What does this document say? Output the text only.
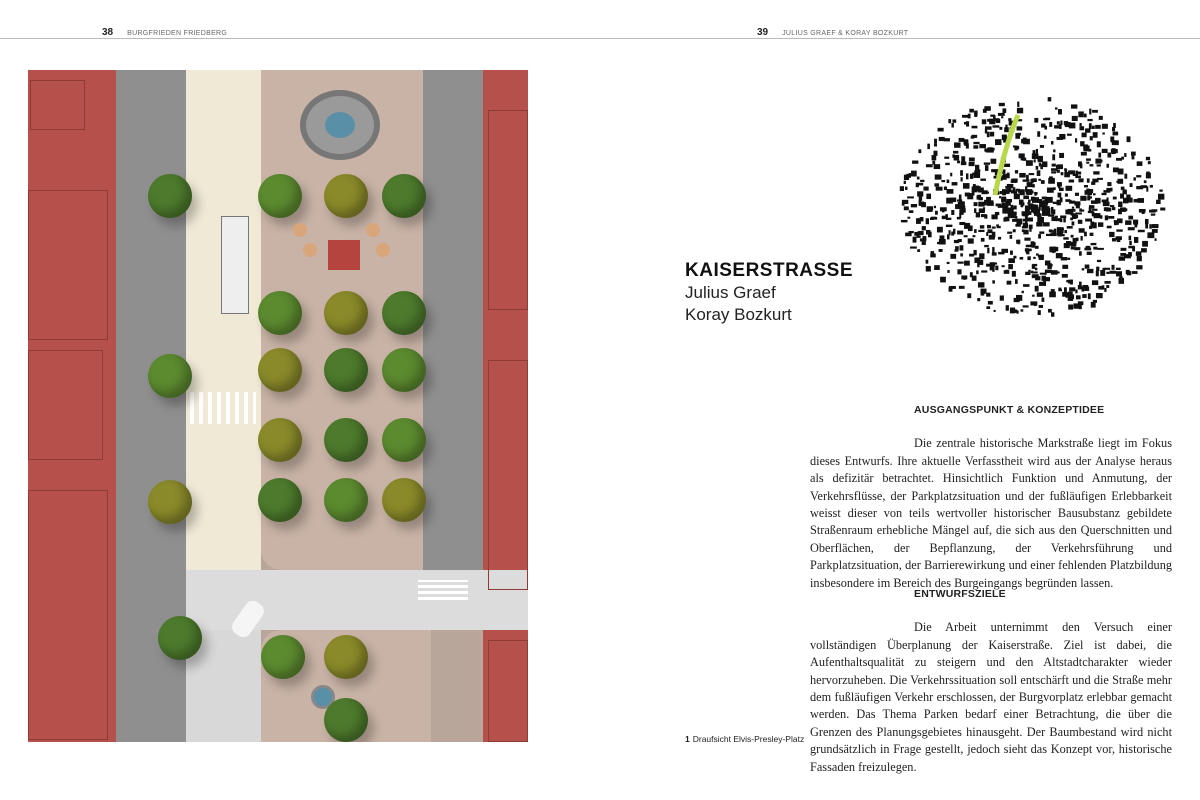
38 BURGFRIEDEN FRIEDBERG	39 JULIUS GRAEF & KORAY BOZKURT
KAISERSTRASSE

Julius Graef

Koray Bozkurt

AUSGANGSPUNKT & KONZEPTIDEE

Die zentrale historische Markstraße liegt im Fokus dieses Entwurfs. Ihre aktuelle Verfasstheit wird aus der Analyse heraus als defizitär betrachtet. Hinsichtlich Funktion und Anmutung, der Verkehrsflüsse, der Parkplatzsituation und der fußläufigen Erlebbarkeit weisst dieser von teils wertvoller historischer Bausubstanz gebildete Straßenraum erhebliche Mängel auf, die sich aus den Querschnitten und Oberflächen, der Bepflanzung, der Verkehrsführung und Parkplatzsituation, der Barrierewirkung und einer fehlenden Platzbildung insbesondere im Bereich des Burgeingangs begründen lassen.

ENTWURFSZIELE

Die Arbeit unternimmt den Versuch einer vollständigen Überplanung der Kaiserstraße. Ziel ist dabei, die Aufenthaltsqualität zu steigern und den Altstadtcharakter wieder hervorzuheben. Die Verkehrssituation soll entschärft und die Straße mehr dem fußläufigen Verkehr erschlossen, der Burgvorplatz erlebbar gemacht werden. Das Thema Parken bedarf einer Betrachtung, die über die Grenzen des Planungsgebietes hinausgeht. Der Baumbestand wird nicht grundsätzlich in Frage gestellt, jedoch sieht das Konzept vor, historische Fassaden freizulegen.

1 Draufsicht Elvis-Presley-Platz
